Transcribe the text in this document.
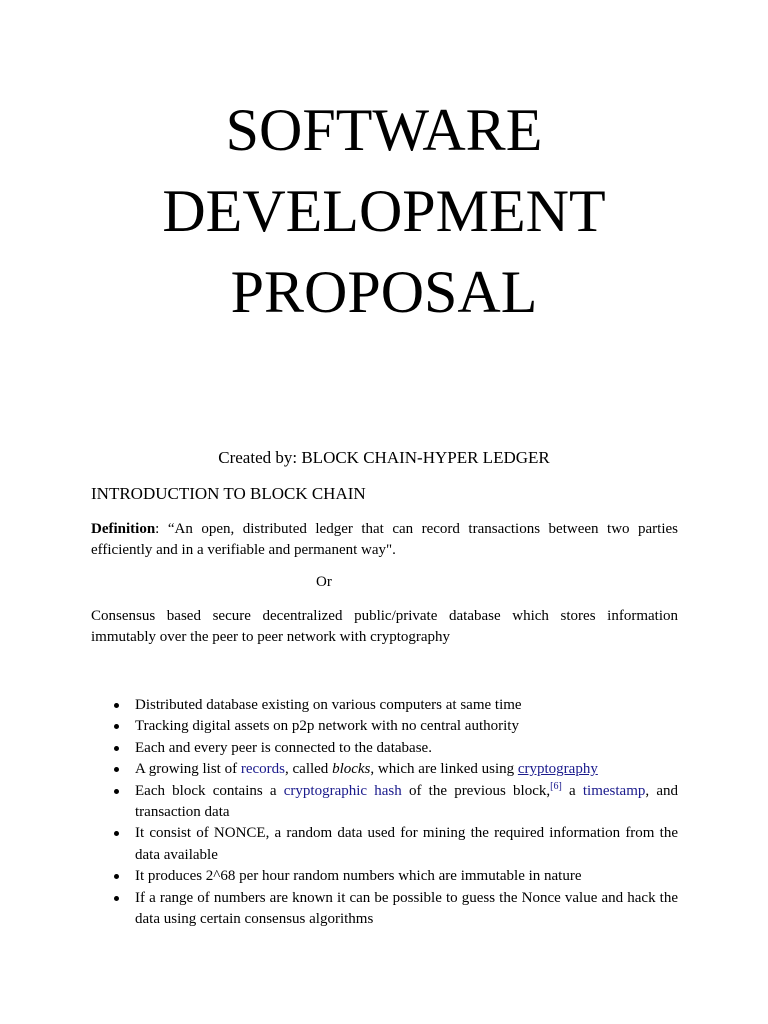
SOFTWARE
DEVELOPMENT
PROPOSAL
Created by: BLOCK CHAIN-HYPER LEDGER
INTRODUCTION TO BLOCK CHAIN
Definition: “An open, distributed ledger that can record transactions between two parties efficiently and in a verifiable and permanent way".
Or
Consensus based secure decentralized public/private database which stores information immutably over the peer to peer network with cryptography
Distributed database existing on various computers at same time
Tracking digital assets on p2p network with no central authority
Each and every peer is connected to the database.
A growing list of records, called blocks, which are linked using cryptography
Each block contains a cryptographic hash of the previous block,[6] a timestamp, and transaction data
It consist of NONCE, a random data used for mining the required information from the data available
It produces 2^68 per hour random numbers which are immutable in nature
If a range of numbers are known it can be possible to guess the Nonce value and hack the data using certain consensus algorithms
